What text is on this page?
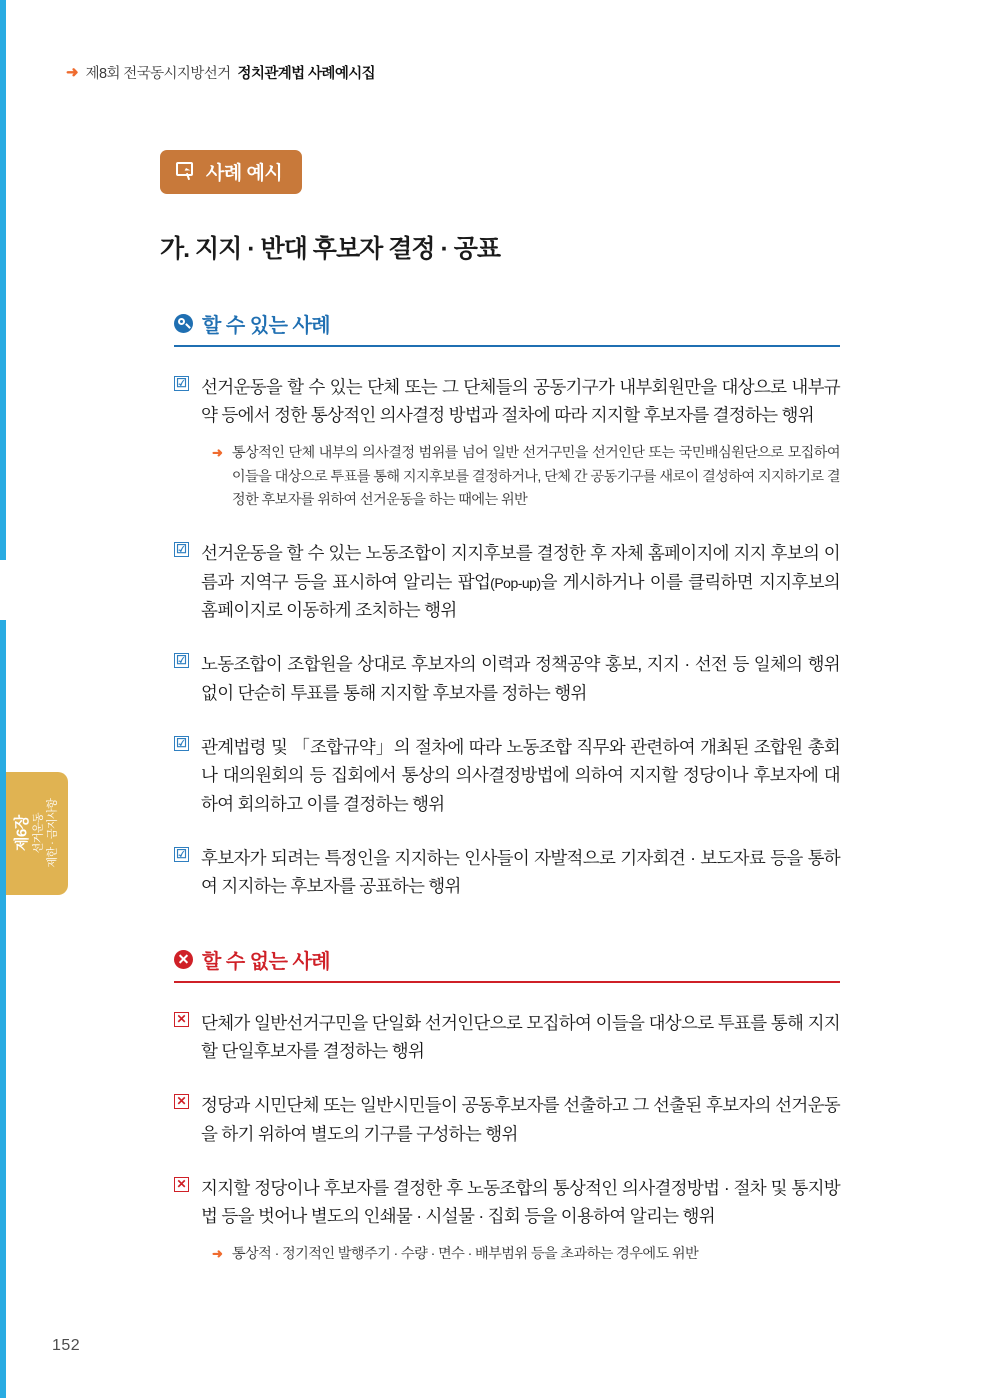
➜ 제8회 전국동시지방선거 정치관계법 사례예시집
제6장 선거운동 제한 · 금지사항
사례 예시
가. 지지 · 반대 후보자 결정 · 공표
할 수 있는 사례
☑ 선거운동을 할 수 있는 단체 또는 그 단체들의 공동기구가 내부회원만을 대상으로 내부규약 등에서 정한 통상적인 의사결정 방법과 절차에 따라 지지할 후보자를 결정하는 행위
➜ 통상적인 단체 내부의 의사결정 범위를 넘어 일반 선거구민을 선거인단 또는 국민배심원단으로 모집하여 이들을 대상으로 투표를 통해 지지후보를 결정하거나, 단체 간 공동기구를 새로이 결성하여 지지하기로 결정한 후보자를 위하여 선거운동을 하는 때에는 위반
☑ 선거운동을 할 수 있는 노동조합이 지지후보를 결정한 후 자체 홈페이지에 지지 후보의 이름과 지역구 등을 표시하여 알리는 팝업(Pop-up)을 게시하거나 이를 클릭하면 지지후보의 홈페이지로 이동하게 조치하는 행위
☑ 노동조합이 조합원을 상대로 후보자의 이력과 정책공약 홍보, 지지 · 선전 등 일체의 행위 없이 단순히 투표를 통해 지지할 후보자를 정하는 행위
☑ 관계법령 및 「조합규약」의 절차에 따라 노동조합 직무와 관련하여 개최된 조합원 총회나 대의원회의 등 집회에서 통상의 의사결정방법에 의하여 지지할 정당이나 후보자에 대하여 회의하고 이를 결정하는 행위
☑ 후보자가 되려는 특정인을 지지하는 인사들이 자발적으로 기자회견 · 보도자료 등을 통하여 지지하는 후보자를 공표하는 행위
할 수 없는 사례
✕ 단체가 일반선거구민을 단일화 선거인단으로 모집하여 이들을 대상으로 투표를 통해 지지할 단일후보자를 결정하는 행위
✕ 정당과 시민단체 또는 일반시민들이 공동후보자를 선출하고 그 선출된 후보자의 선거운동을 하기 위하여 별도의 기구를 구성하는 행위
✕ 지지할 정당이나 후보자를 결정한 후 노동조합의 통상적인 의사결정방법 · 절차 및 통지방법 등을 벗어나 별도의 인쇄물 · 시설물 · 집회 등을 이용하여 알리는 행위
➜ 통상적 · 정기적인 발행주기 · 수량 · 면수 · 배부범위 등을 초과하는 경우에도 위반
152
